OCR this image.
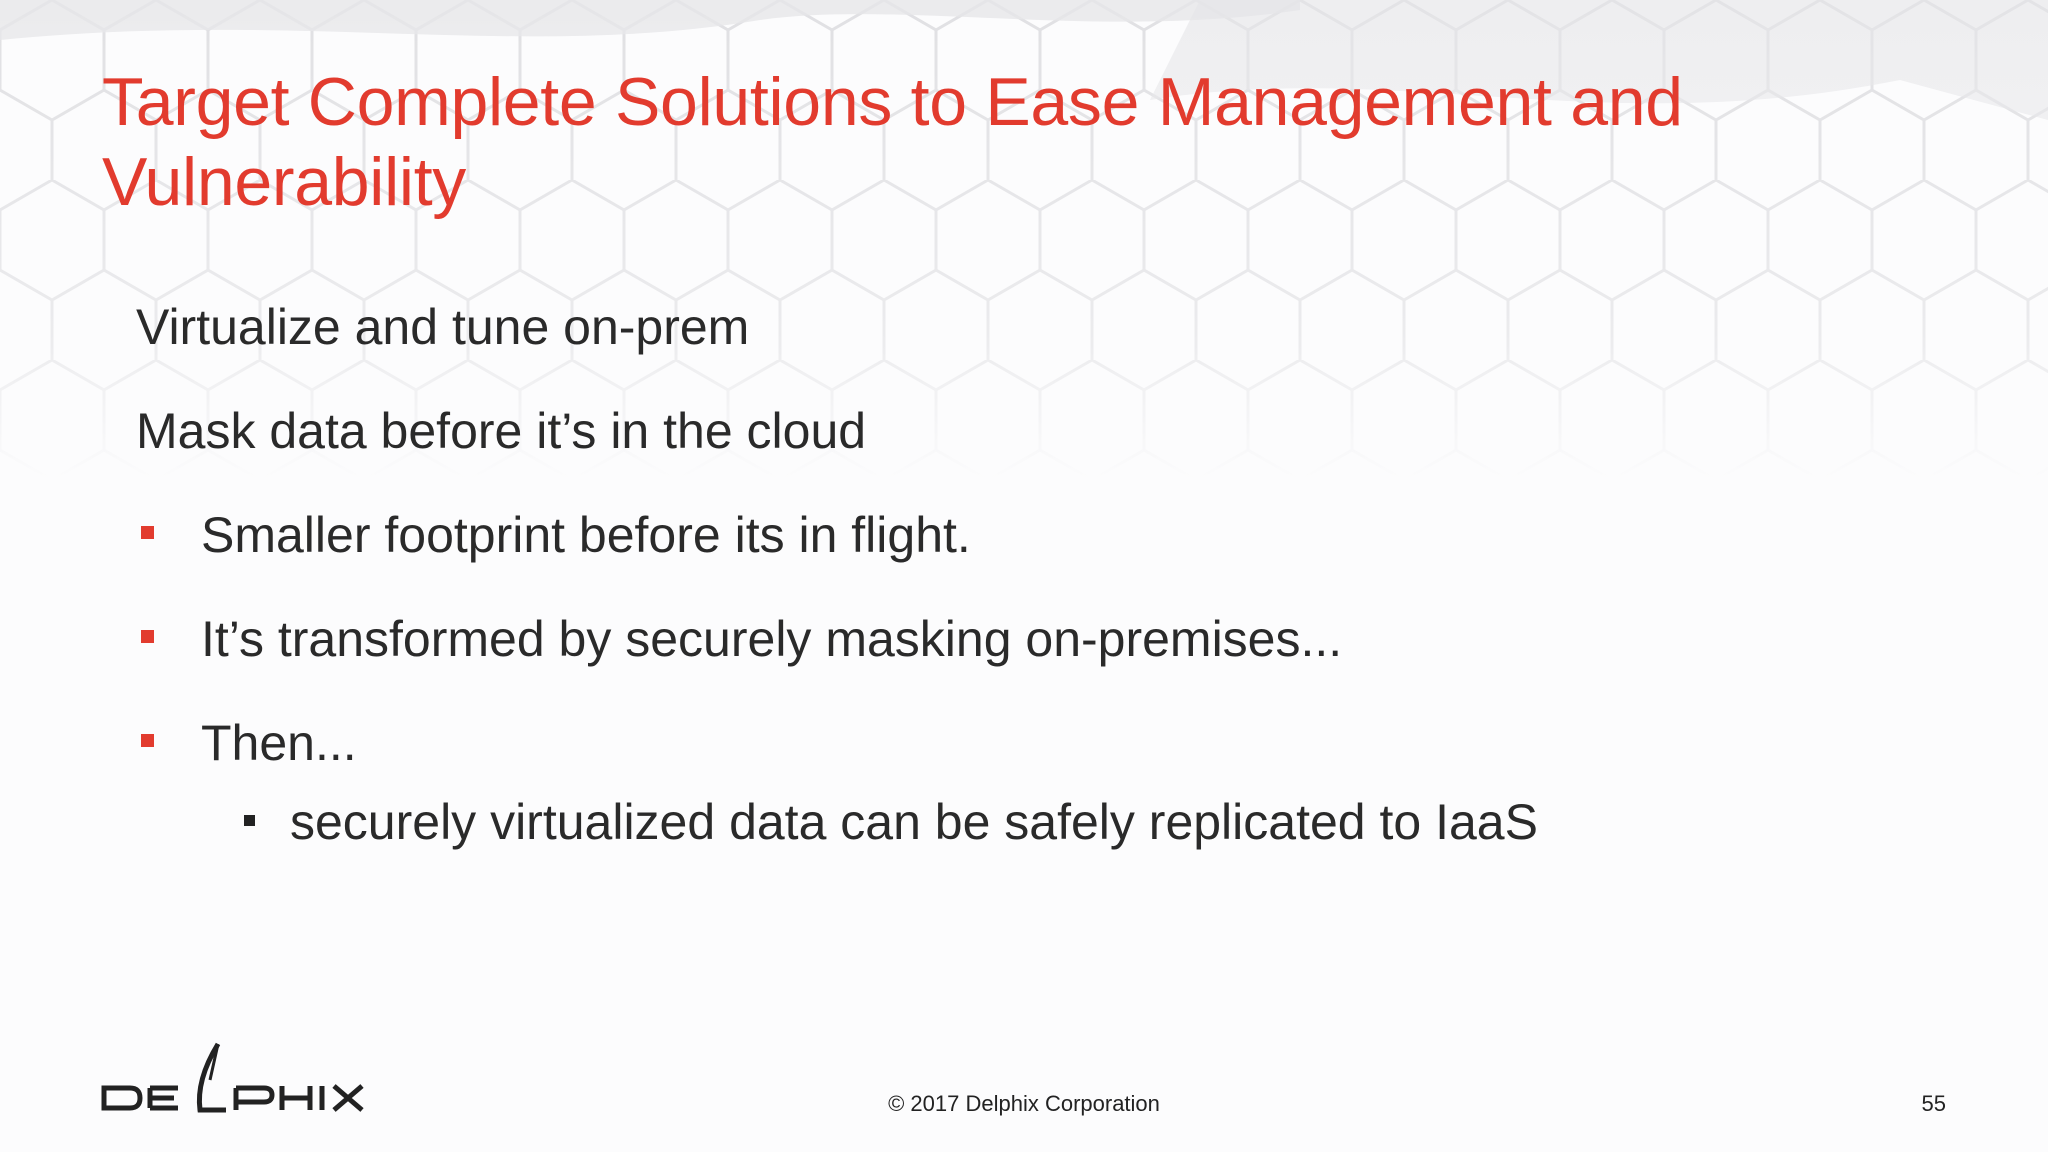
Target Complete Solutions to Ease Management and Vulnerability
Virtualize and tune on-prem
Mask data before it’s in the cloud
Smaller footprint before its in flight.
It’s transformed by securely masking on-premises...
Then...
securely virtualized data can be safely replicated to IaaS
© 2017 Delphix Corporation	55
